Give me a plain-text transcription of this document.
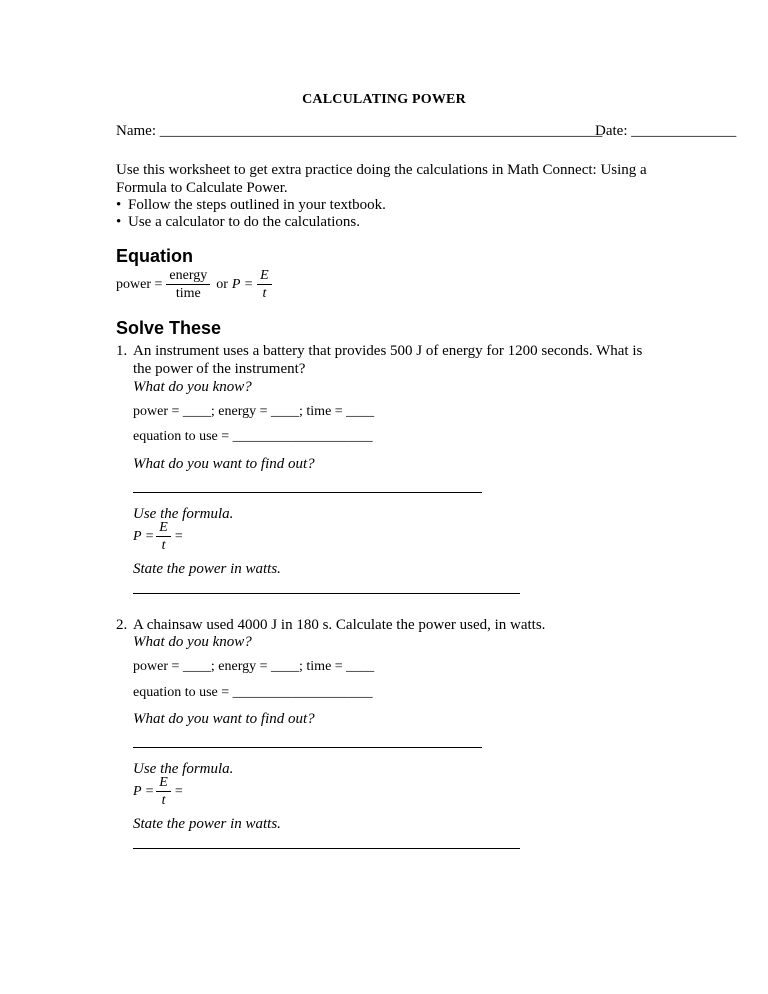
CALCULATING POWER
Name: ___________________________________________________________
Date: ______________
Use this worksheet to get extra practice doing the calculations in Math Connect: Using a
Formula to Calculate Power.
• Follow the steps outlined in your textbook.
• Use a calculator to do the calculations.
Equation
power = $\frac{\text{energy}}{\text{time}}$ or $P = \frac{E}{t}$
Solve These
1. An instrument uses a battery that provides 500 J of energy for 1200 seconds. What is
the power of the instrument?
What do you know?
power = ____; energy = ____; time = ____
equation to use = ____________________
What do you want to find out?
Use the formula.
$P = \frac{E}{t}$ =
State the power in watts.
2. A chainsaw used 4000 J in 180 s. Calculate the power used, in watts.
What do you know?
power = ____; energy = ____; time = ____
equation to use = ____________________
What do you want to find out?
Use the formula.
$P = \frac{E}{t}$ =
State the power in watts.
